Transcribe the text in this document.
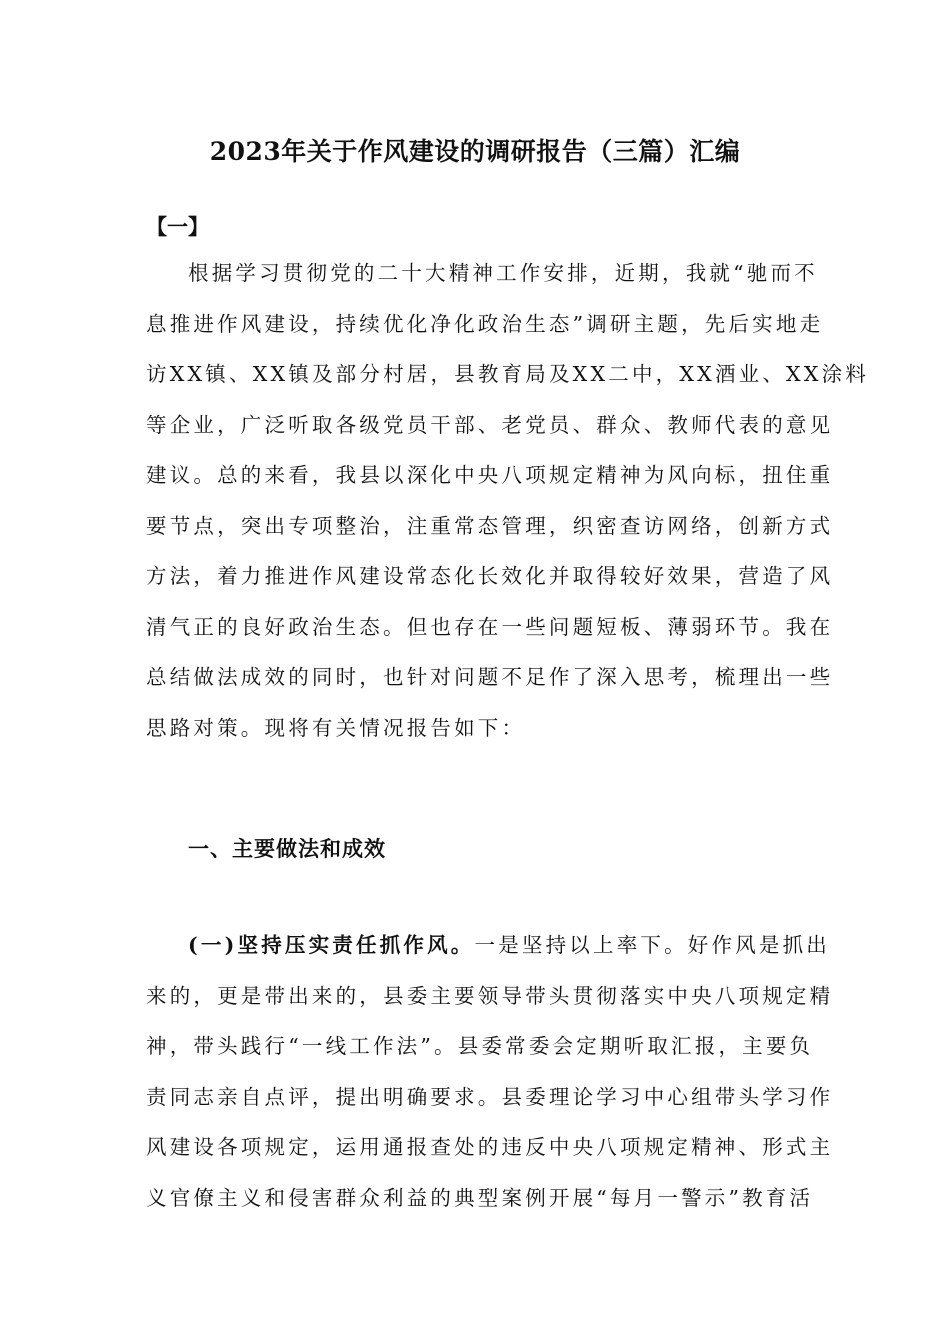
2023年关于作风建设的调研报告（三篇）汇编
【一】
根据学习贯彻党的二十大精神工作安排，近期，我就“驰而不
息推进作风建设，持续优化净化政治生态”调研主题，先后实地走
访XX镇、XX镇及部分村居，县教育局及XX二中，XX酒业、XX涂料
等企业，广泛听取各级党员干部、老党员、群众、教师代表的意见
建议。总的来看，我县以深化中央八项规定精神为风向标，扭住重
要节点，突出专项整治，注重常态管理，织密查访网络，创新方式
方法，着力推进作风建设常态化长效化并取得较好效果，营造了风
清气正的良好政治生态。但也存在一些问题短板、薄弱环节。我在
总结做法成效的同时，也针对问题不足作了深入思考，梳理出一些
思路对策。现将有关情况报告如下：
一、主要做法和成效
(一)坚持压实责任抓作风。一是坚持以上率下。好作风是抓出
来的，更是带出来的，县委主要领导带头贯彻落实中央八项规定精
神，带头践行“一线工作法”。县委常委会定期听取汇报，主要负
责同志亲自点评，提出明确要求。县委理论学习中心组带头学习作
风建设各项规定，运用通报查处的违反中央八项规定精神、形式主
义官僚主义和侵害群众利益的典型案例开展“每月一警示”教育活
